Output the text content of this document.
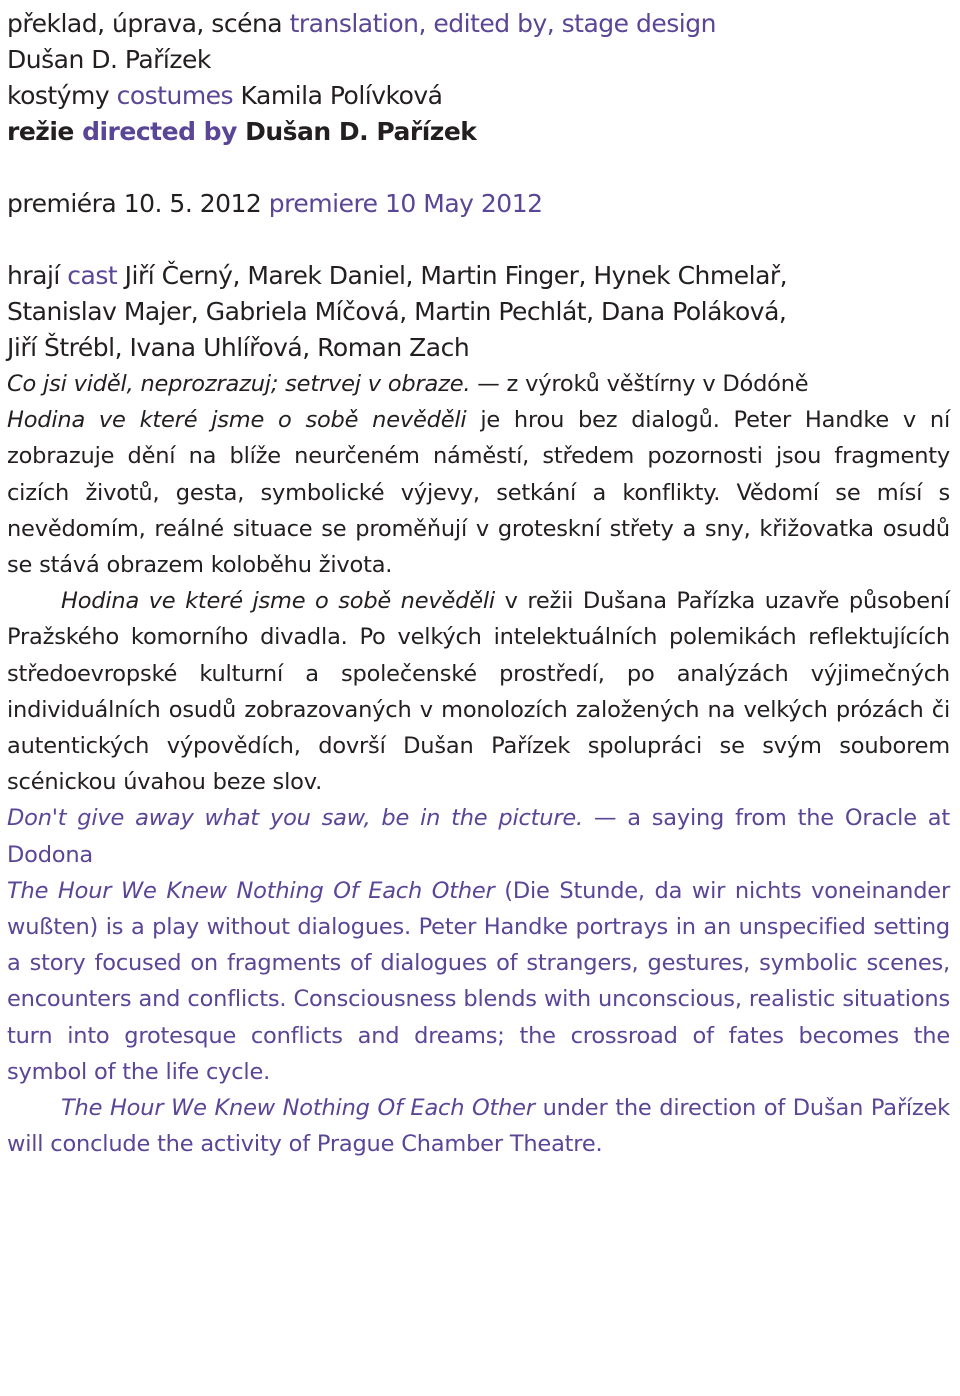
překlad, úprava, scéna translation, edited by, stage design
Dušan D. Pařízek
kostýmy costumes Kamila Polívková
režie directed by Dušan D. Pařízek
premiéra 10. 5. 2012 premiere 10 May 2012
hrají cast Jiří Černý, Marek Daniel, Martin Finger, Hynek Chmelař,
Stanislav Majer, Gabriela Míčová, Martin Pechlát, Dana Poláková,
Jiří Štrébl, Ivana Uhlířová, Roman Zach

Co jsi viděl, neprozrazuj; setrvej v obraze. — z výroků věštírny v Dódóně

Hodina ve které jsme o sobě nevěděli je hrou bez dialogů. Peter Handke v ní zobrazuje dění na blíže neurčeném náměstí, středem pozornosti jsou fragmenty cizích životů, gesta, symbolické výjevy, setkání a konflikty. Vědomí se mísí s nevědomím, reálné situace se proměňují v groteskní střety a sny, křižovatka osudů se stává obrazem koloběhu života.

Hodina ve které jsme o sobě nevěděli v režii Dušana Pařízka uzavře působení Pražského komorního divadla. Po velkých intelektuálních polemikách reflektujících středoevropské kulturní a společenské prostředí, po analýzách výjimečných individuálních osudů zobrazovaných v monolozích založených na velkých prózách či autentických výpovědích, dovrší Dušan Pařízek spolupráci se svým souborem scénickou úvahou beze slov.

Don't give away what you saw, be in the picture. — a saying from the Oracle at Dodona

The Hour We Knew Nothing Of Each Other (Die Stunde, da wir nichts voneinander wußten) is a play without dialogues. Peter Handke portrays in an unspecified setting a story focused on fragments of dialogues of strangers, gestures, symbolic scenes, encounters and conflicts. Consciousness blends with unconscious, realistic situations turn into grotesque conflicts and dreams; the crossroad of fates becomes the symbol of the life cycle.

The Hour We Knew Nothing Of Each Other under the direction of Dušan Pařízek will conclude the activity of Prague Chamber Theatre.
